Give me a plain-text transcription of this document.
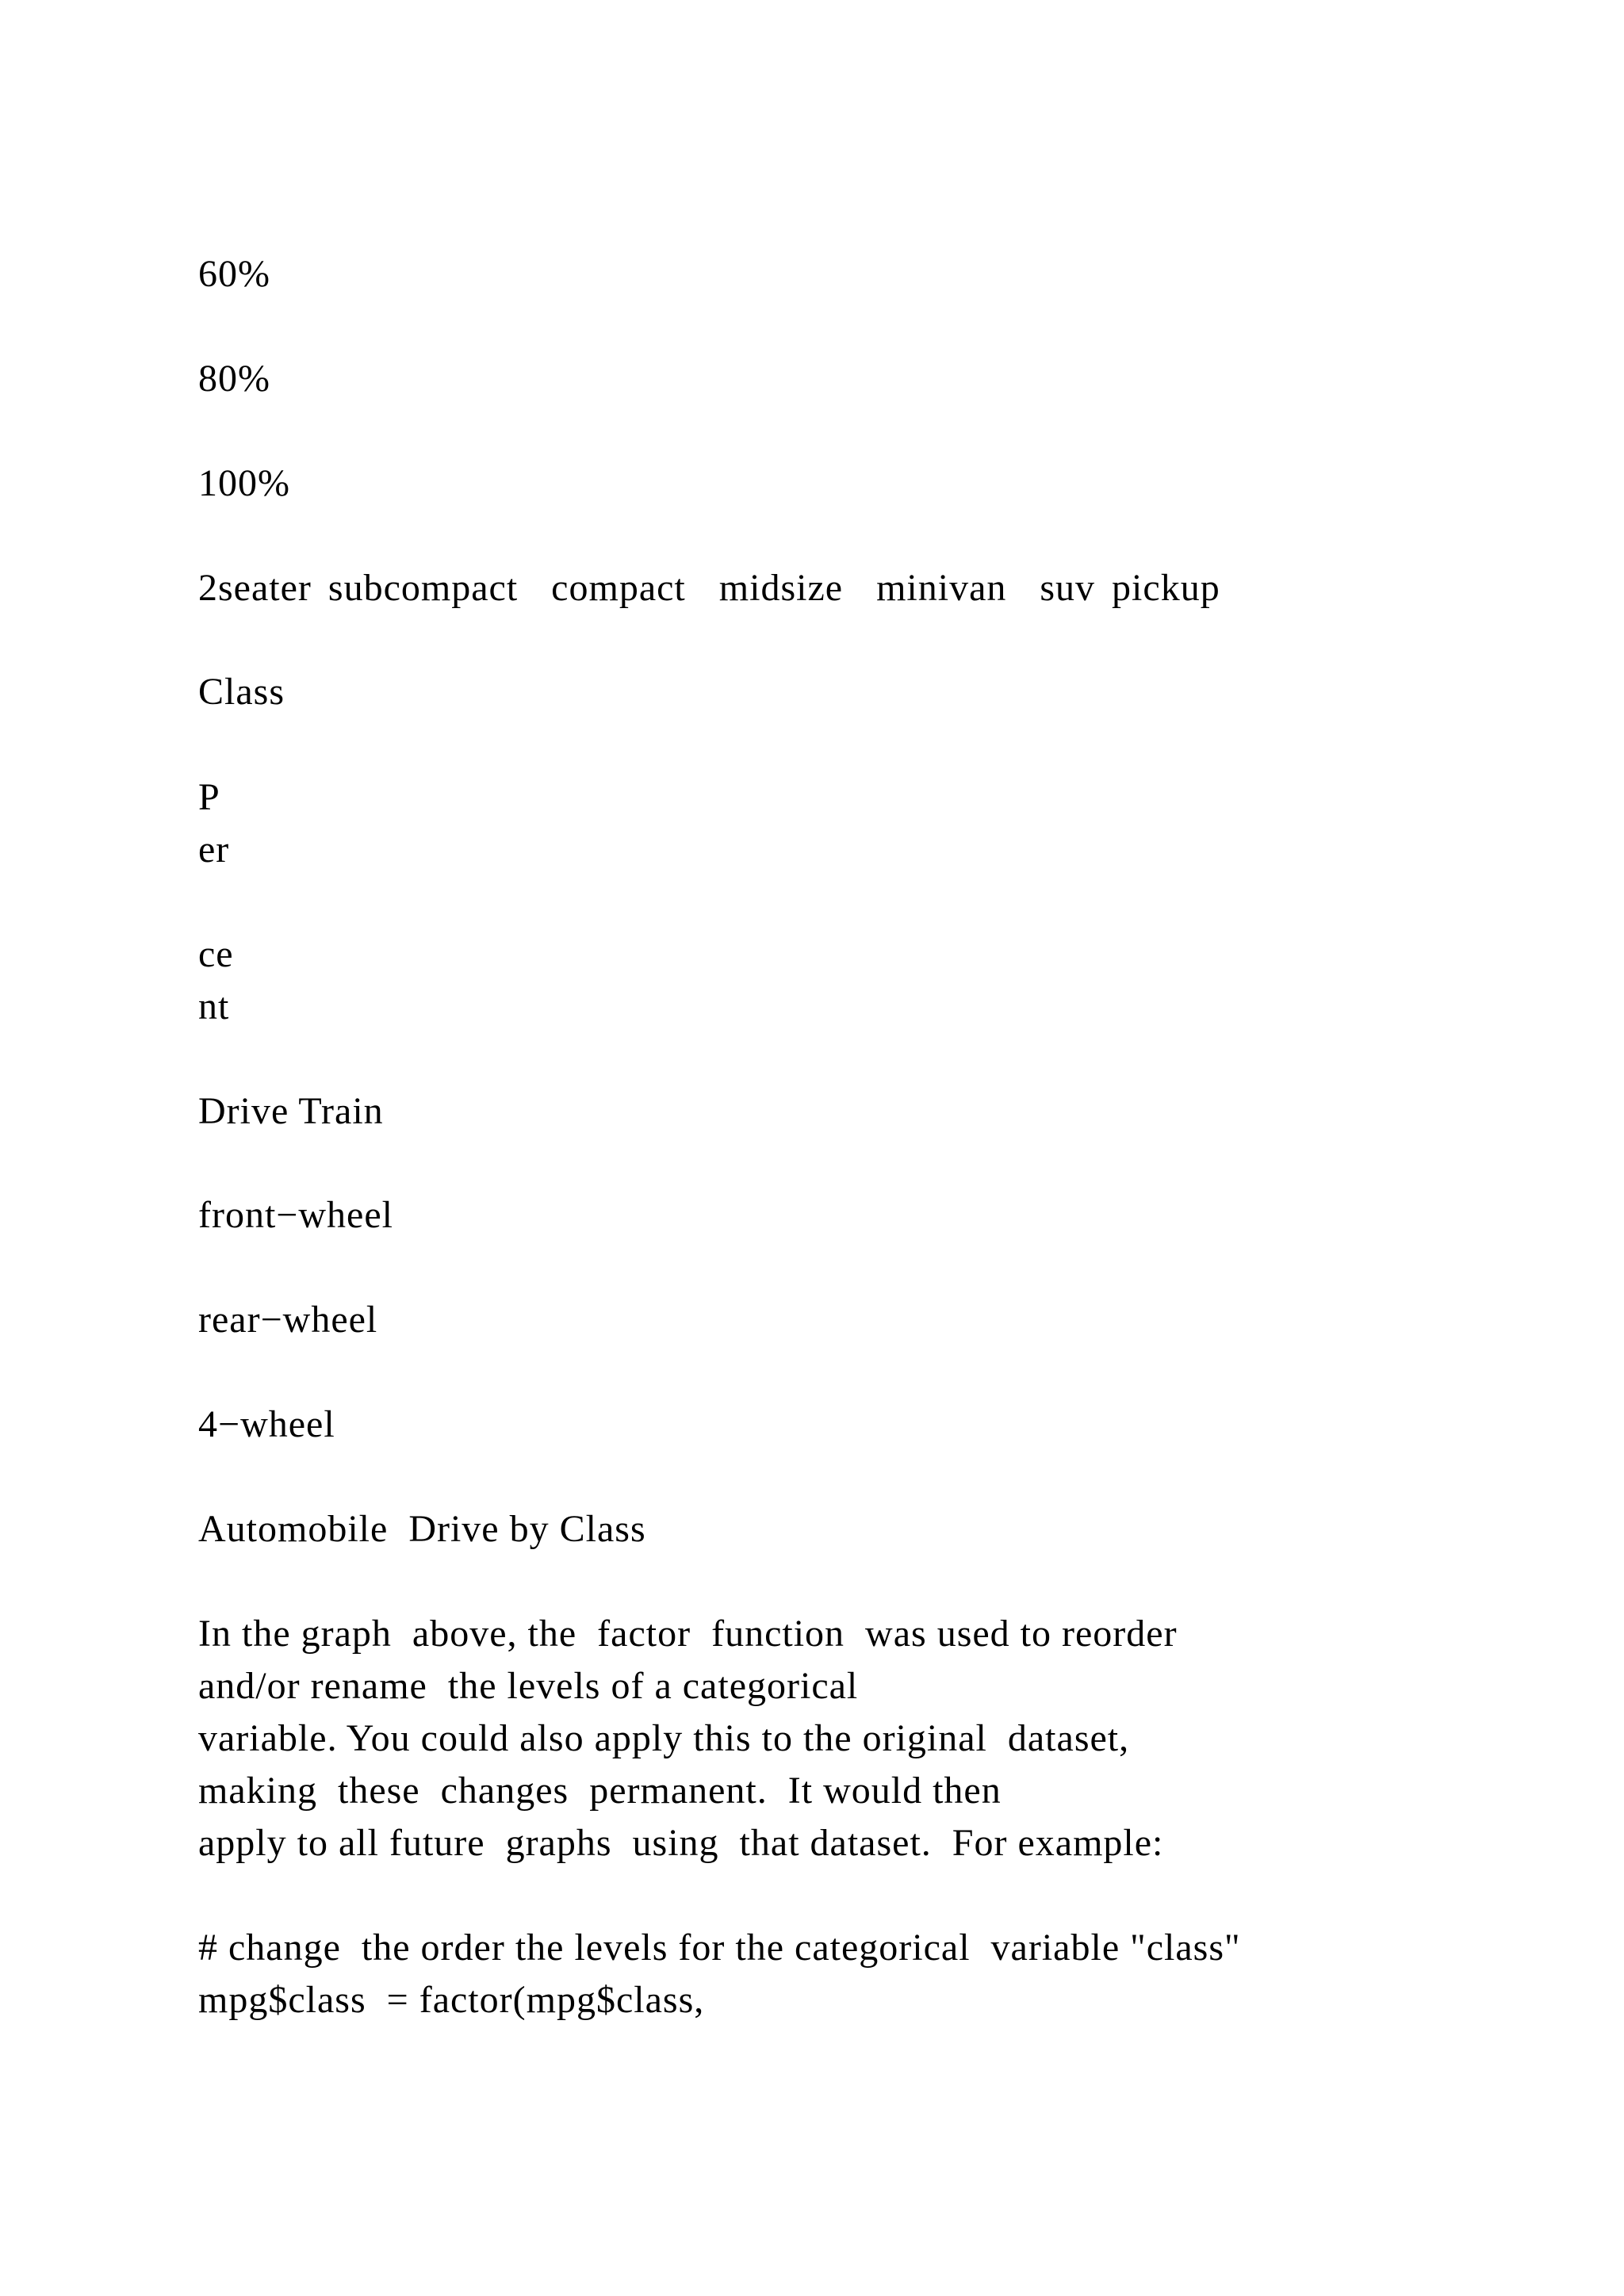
60%

80%

100%

2seater subcompact  compact  midsize  minivan  suv pickup

Class

P

er

ce

nt

Drive Train

front−wheel

rear−wheel

4−wheel

Automobile  Drive by Class

In the graph  above, the  factor  function  was used to reorder

and/or rename  the levels of a categorical

variable. You could also apply this to the original  dataset,

making  these  changes  permanent.  It would then

apply to all future  graphs  using  that dataset.  For example:

# change  the order the levels for the categorical  variable "class"

mpg$class  = factor(mpg$class,
